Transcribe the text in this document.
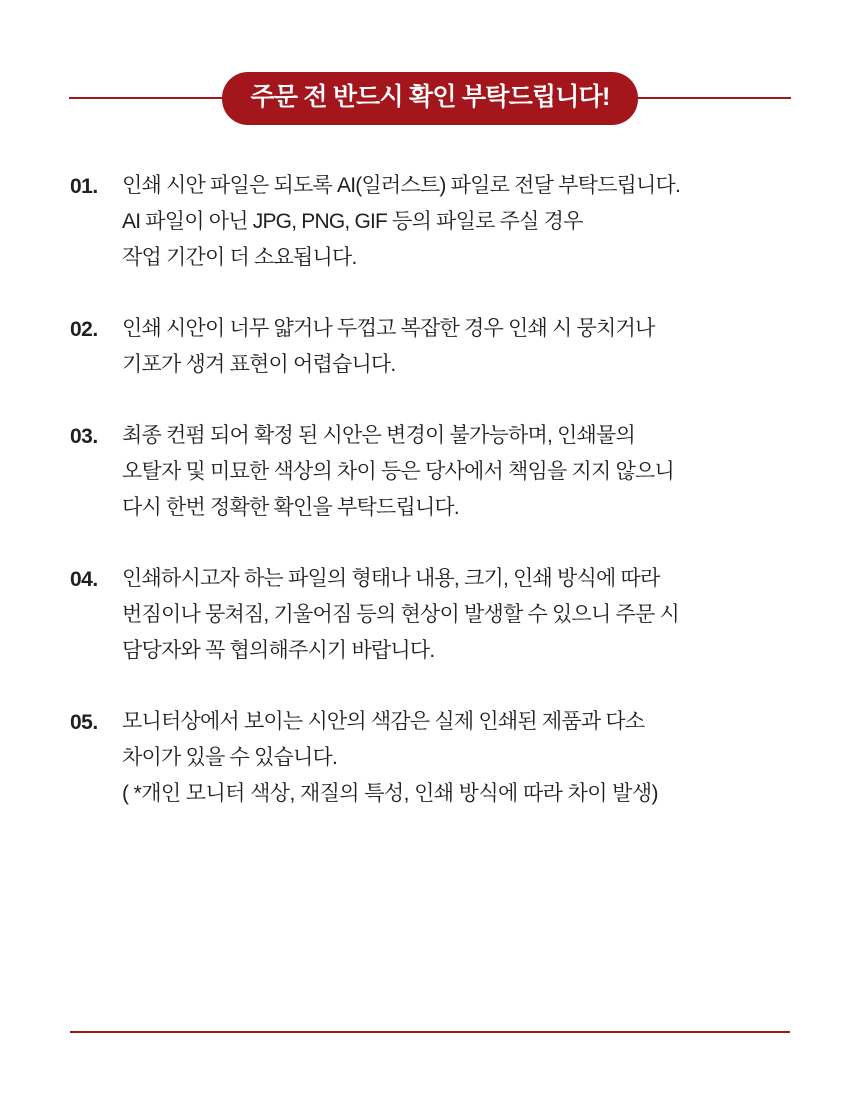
주문 전 반드시 확인 부탁드립니다!
01.	인쇄 시안 파일은 되도록 AI(일러스트) 파일로 전달 부탁드립니다.
AI 파일이 아닌 JPG, PNG, GIF 등의 파일로 주실 경우
작업 기간이 더 소요됩니다.
02.	인쇄 시안이 너무 얇거나 두껍고 복잡한 경우 인쇄 시 뭉치거나
기포가 생겨 표현이 어렵습니다.
03.	최종 컨펌 되어 확정 된 시안은 변경이 불가능하며, 인쇄물의
오탈자 및 미묘한 색상의 차이 등은 당사에서 책임을 지지 않으니
다시 한번 정확한 확인을 부탁드립니다.
04.	인쇄하시고자 하는 파일의 형태나 내용, 크기, 인쇄 방식에 따라
번짐이나 뭉쳐짐, 기울어짐 등의 현상이 발생할 수 있으니 주문 시
담당자와 꼭 협의해주시기 바랍니다.
05.	모니터상에서 보이는 시안의 색감은 실제 인쇄된 제품과 다소
차이가 있을 수 있습니다.
( *개인 모니터 색상, 재질의 특성, 인쇄 방식에 따라 차이 발생)
